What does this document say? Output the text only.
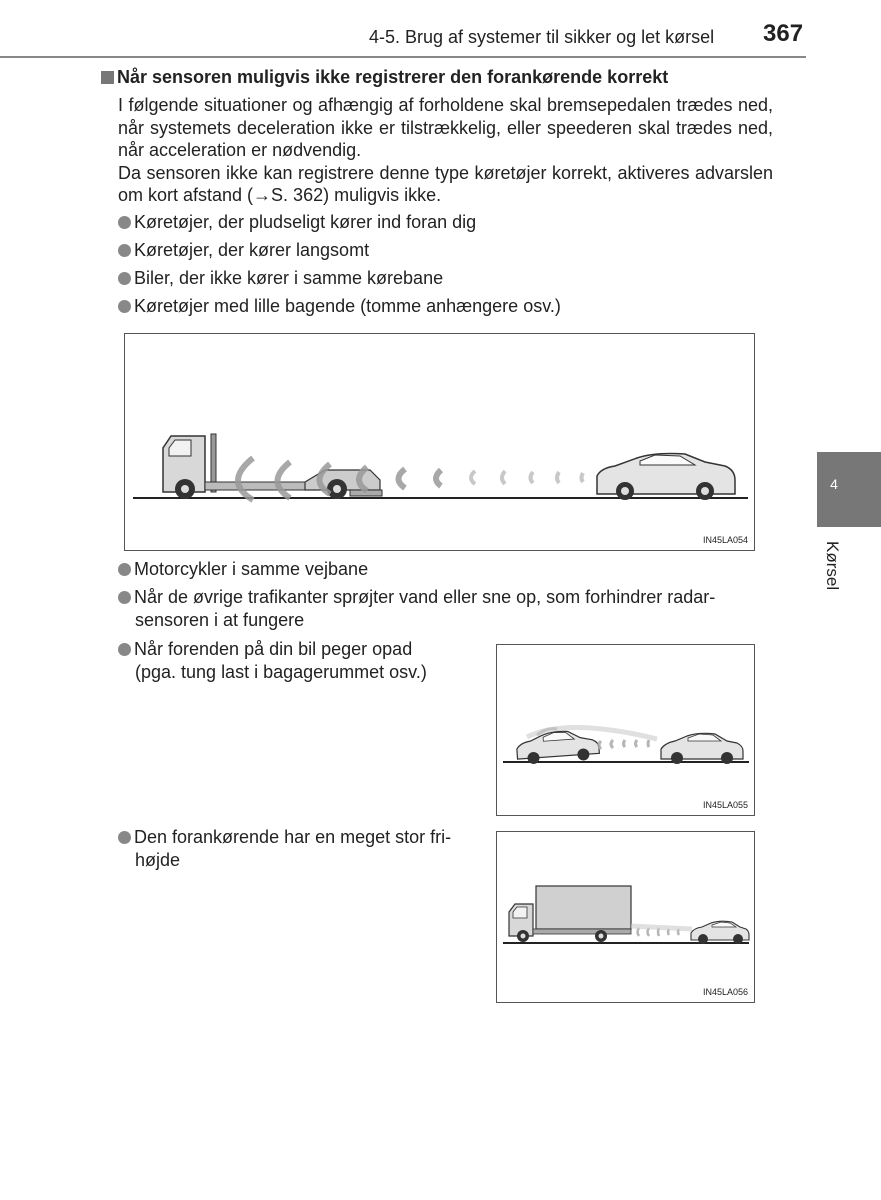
4-5. Brug af systemer til sikker og let kørsel 367
4
Kørsel
Når sensoren muligvis ikke registrerer den forankørende korrekt

I følgende situationer og afhængig af forholdene skal bremsepedalen trædes ned, når systemets deceleration ikke er tilstrækkelig, eller speederen skal trædes ned, når acceleration er nødvendig.

Da sensoren ikke kan registrere denne type køretøjer korrekt, aktiveres advarslen om kort afstand (→S. 362) muligvis ikke.

Køretøjer, der pludseligt kører ind foran dig
Køretøjer, der kører langsomt
Biler, der ikke kører i samme kørebane
Køretøjer med lille bagende (tomme anhængere osv.)
IN45LA054
Motorcykler i samme vejbane
Når de øvrige trafikanter sprøjter vand eller sne op, som forhindrer radar-
sensoren i at fungere
Når forenden på din bil peger opad
(pga. tung last i bagagerummet osv.)
IN45LA055
Den forankørende har en meget stor fri-
højde
IN45LA056
